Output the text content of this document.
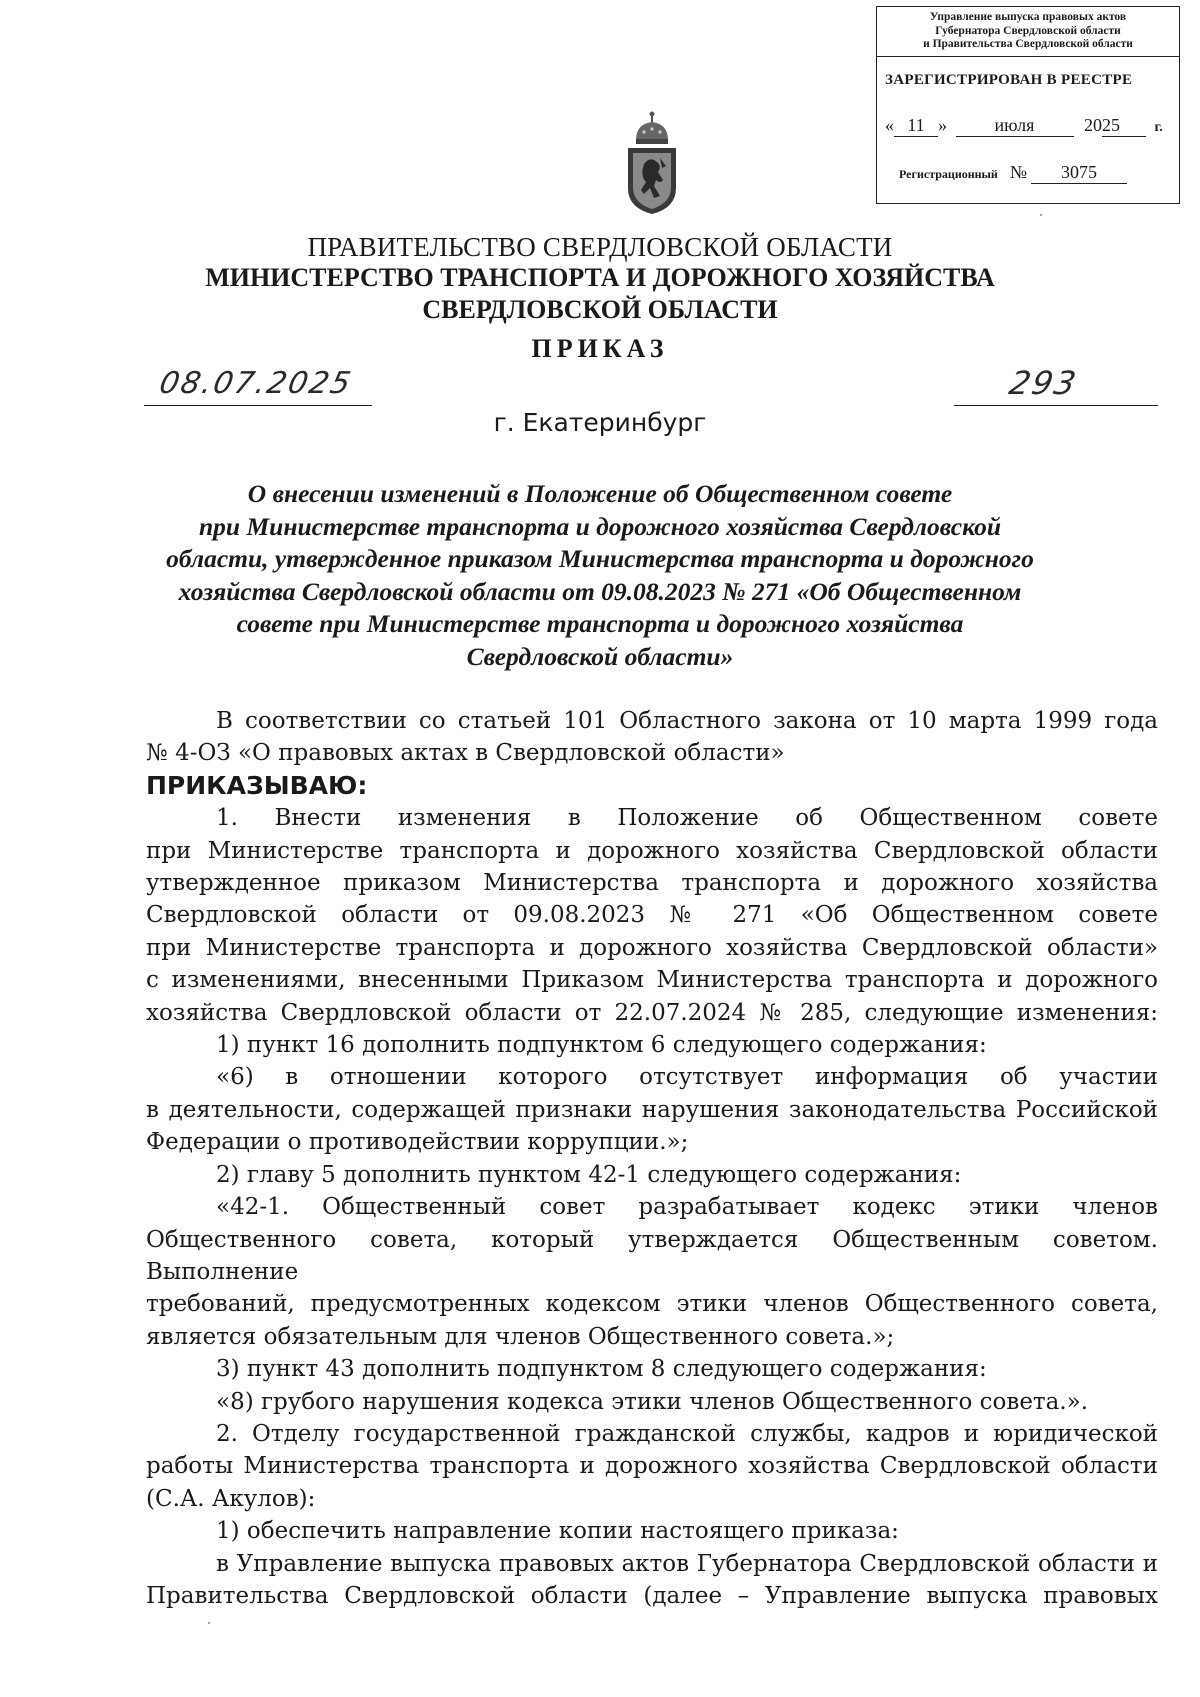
Управление выпуска правовых актов
Губернатора Свердловской области
и Правительства Свердловской области
ЗАРЕГИСТРИРОВАН В РЕЕСТРЕ
« 11 »	июля	2025 г.
Регистрационный № 3075
ПРАВИТЕЛЬСТВО СВЕРДЛОВСКОЙ ОБЛАСТИ
МИНИСТЕРСТВО ТРАНСПОРТА И ДОРОЖНОГО ХОЗЯЙСТВА
СВЕРДЛОВСКОЙ ОБЛАСТИ
ПРИКАЗ
08.07.2025	293
г. Екатеринбург
О внесении изменений в Положение об Общественном совете
при Министерстве транспорта и дорожного хозяйства Свердловской
области, утвержденное приказом Министерства транспорта и дорожного
хозяйства Свердловской области от 09.08.2023 № 271 «Об Общественном
совете при Министерстве транспорта и дорожного хозяйства
Свердловской области»

В соответствии со статьей 101 Областного закона от 10 марта 1999 года

№ 4-ОЗ «О правовых актах в Свердловской области»

ПРИКАЗЫВАЮ:

1. Внести изменения в Положение об Общественном совете

при Министерстве транспорта и дорожного хозяйства Свердловской области

утвержденное приказом Министерства транспорта и дорожного хозяйства

Свердловской области от 09.08.2023 № 271 «Об Общественном совете

при Министерстве транспорта и дорожного хозяйства Свердловской области»

с изменениями, внесенными Приказом Министерства транспорта и дорожного

хозяйства Свердловской области от 22.07.2024 № 285, следующие изменения:

1) пункт 16 дополнить подпунктом 6 следующего содержания:

«6) в отношении которого отсутствует информация об участии

в деятельности, содержащей признаки нарушения законодательства Российской

Федерации о противодействии коррупции.»;

2) главу 5 дополнить пунктом 42-1 следующего содержания:

«42-1. Общественный совет разрабатывает кодекс этики членов

Общественного совета, который утверждается Общественным советом. Выполнение

требований, предусмотренных кодексом этики членов Общественного совета,

является обязательным для членов Общественного совета.»;

3) пункт 43 дополнить подпунктом 8 следующего содержания:

«8) грубого нарушения кодекса этики членов Общественного совета.».

2. Отделу государственной гражданской службы, кадров и юридической

работы Министерства транспорта и дорожного хозяйства Свердловской области

(С.А. Акулов):

1) обеспечить направление копии настоящего приказа:

в Управление выпуска правовых актов Губернатора Свердловской области и

Правительства Свердловской области (далее – Управление выпуска правовых
